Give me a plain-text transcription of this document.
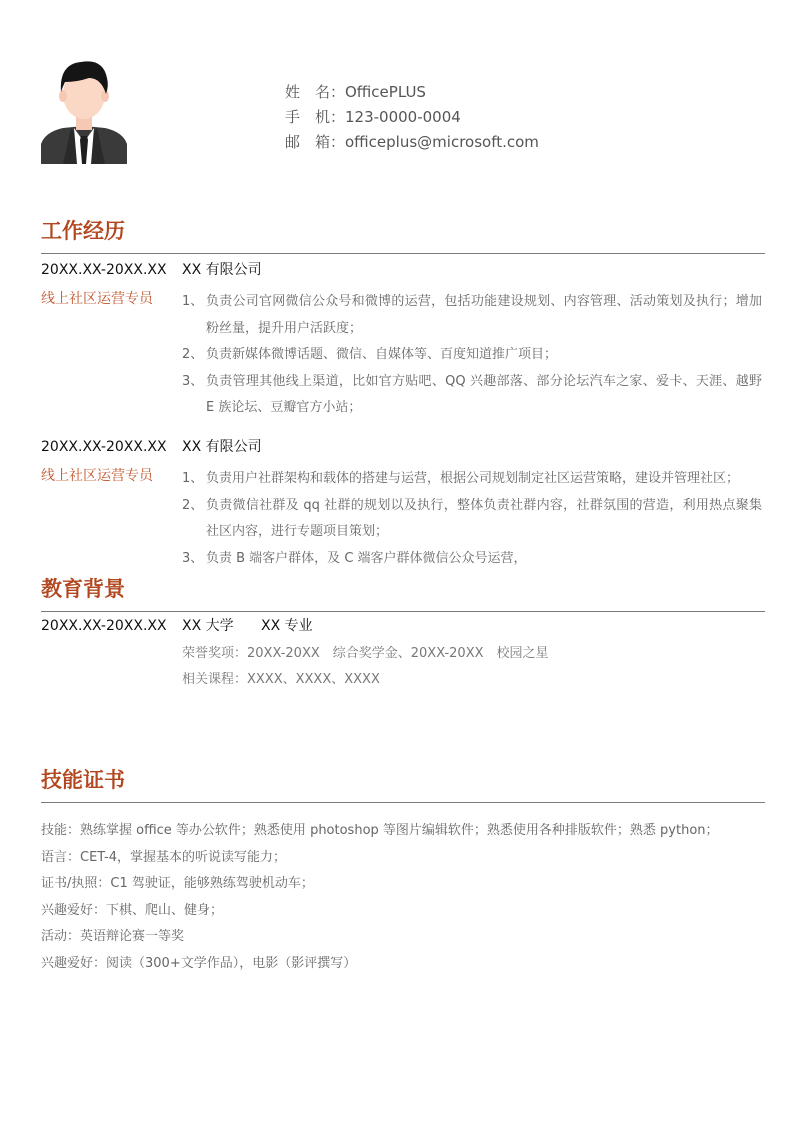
姓　名： OfficePLUS
手　机： 123-0000-0004
邮　箱： officeplus@microsoft.com
工作经历
20XX.XX-20XX.XX XX 有限公司
线上社区运营专员 1、 负责公司官网微信公众号和微博的运营，包括功能建设规划、内容管理、活动策划及执行；增加粉丝量，提升用户活跃度；
2、 负责新媒体微博话题、微信、自媒体等、百度知道推广项目；
3、 负责管理其他线上渠道，比如官方贴吧、QQ 兴趣部落、部分论坛汽车之家、爱卡、天涯、越野 E 族论坛、豆瓣官方小站；
20XX.XX-20XX.XX XX 有限公司
线上社区运营专员 1、 负责用户社群架构和载体的搭建与运营，根据公司规划制定社区运营策略，建设并管理社区；
2、 负责微信社群及 qq 社群的规划以及执行，整体负责社群内容，社群氛围的营造，利用热点聚集社区内容，进行专题项目策划；
3、 负责 B 端客户群体，及 C 端客户群体微信公众号运营，
教育背景
20XX.XX-20XX.XX XX 大学 XX 专业
荣誉奖项：20XX-20XX　综合奖学金、20XX-20XX　校园之星
相关课程：XXXX、XXXX、XXXX
技能证书
技能：熟练掌握 office 等办公软件；熟悉使用 photoshop 等图片编辑软件；熟悉使用各种排版软件；熟悉 python；
语言：CET-4，掌握基本的听说读写能力；
证书/执照：C1 驾驶证，能够熟练驾驶机动车；
兴趣爱好：下棋、爬山、健身；
活动：英语辩论赛一等奖
兴趣爱好：阅读（300+文学作品），电影（影评撰写）
